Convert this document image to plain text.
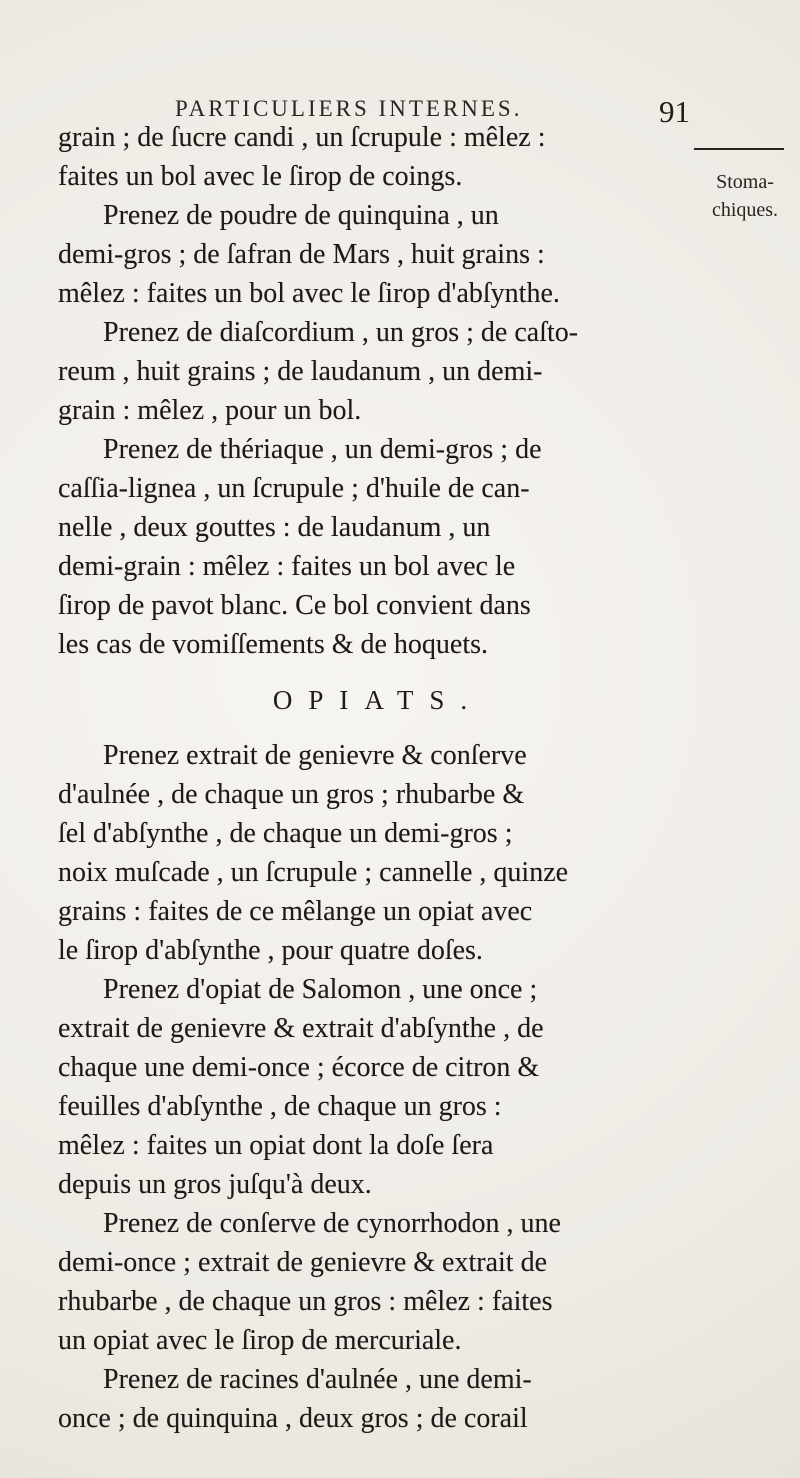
PARTICULIERS INTERNES.	91
Stoma-
chiques.
grain ; de ſucre candi , un ſcrupule : mêlez :
faites un bol avec le ſirop de coings.
Prenez de poudre de quinquina , un
demi-gros ; de ſafran de Mars , huit grains :
mêlez : faites un bol avec le ſirop d'abſynthe.
Prenez de diaſcordium , un gros ; de caſto-
reum , huit grains ; de laudanum , un demi-
grain : mêlez , pour un bol.
Prenez de thériaque , un demi-gros ; de
caſſia-lignea , un ſcrupule ; d'huile de can-
nelle , deux gouttes : de laudanum , un
demi-grain : mêlez : faites un bol avec le
ſirop de pavot blanc. Ce bol convient dans
les cas de vomiſſements & de hoquets.
OPIATS.
Prenez extrait de genievre & conſerve
d'aulnée , de chaque un gros ; rhubarbe &
ſel d'abſynthe , de chaque un demi-gros ;
noix muſcade , un ſcrupule ; cannelle , quinze
grains : faites de ce mêlange un opiat avec
le ſirop d'abſynthe , pour quatre doſes.
Prenez d'opiat de Salomon , une once ;
extrait de genievre & extrait d'abſynthe , de
chaque une demi-once ; écorce de citron &
feuilles d'abſynthe , de chaque un gros :
mêlez : faites un opiat dont la doſe ſera
depuis un gros juſqu'à deux.
Prenez de conſerve de cynorrhodon , une
demi-once ; extrait de genievre & extrait de
rhubarbe , de chaque un gros : mêlez : faites
un opiat avec le ſirop de mercuriale.
Prenez de racines d'aulnée , une demi-
once ; de quinquina , deux gros ; de corail
